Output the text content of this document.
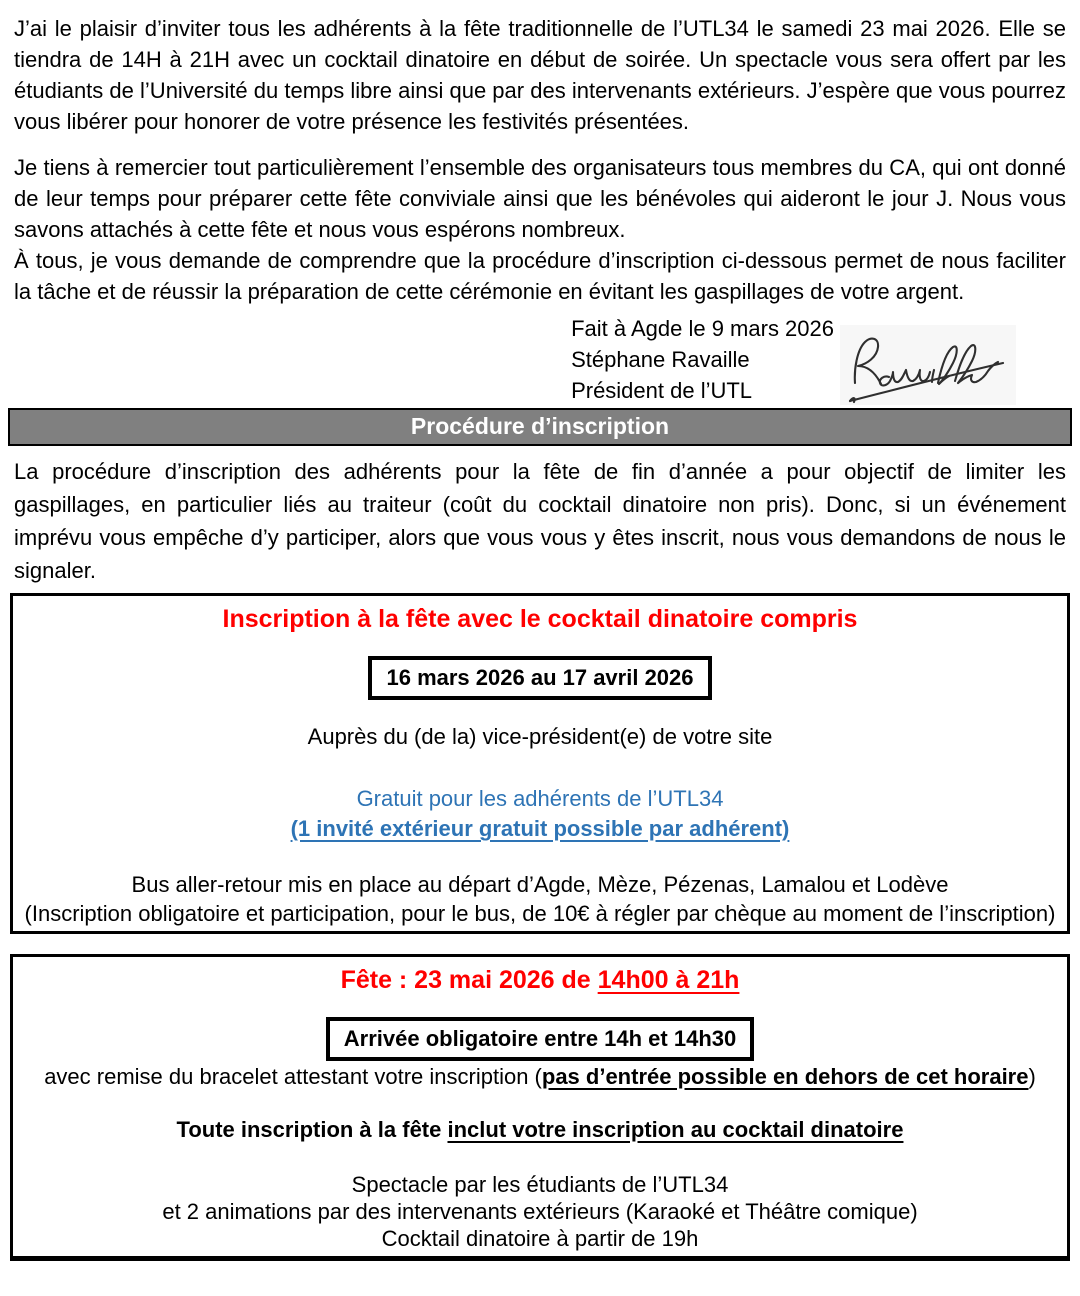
J’ai le plaisir d’inviter tous les adhérents à la fête traditionnelle de l’UTL34 le samedi 23 mai 2026. Elle se tiendra de 14H à 21H avec un cocktail dinatoire en début de soirée. Un spectacle vous sera offert par les étudiants de l’Université du temps libre ainsi que par des intervenants extérieurs. J’espère que vous pourrez vous libérer pour honorer de votre présence les festivités présentées.

Je tiens à remercier tout particulièrement l’ensemble des organisateurs tous membres du CA, qui ont donné de leur temps pour préparer cette fête conviviale ainsi que les bénévoles qui aideront le jour J. Nous vous savons attachés à cette fête et nous vous espérons nombreux.

À tous, je vous demande de comprendre que la procédure d’inscription ci-dessous permet de nous faciliter la tâche et de réussir la préparation de cette cérémonie en évitant les gaspillages de votre argent.

Fait à Agde le 9 mars 2026
Stéphane Ravaille
Président de l’UTL
Procédure d’inscription

La procédure d’inscription des adhérents pour la fête de fin d’année a pour objectif de limiter les gaspillages, en particulier liés au traiteur (coût du cocktail dinatoire non pris). Donc, si un événement imprévu vous empêche d’y participer, alors que vous vous y êtes inscrit, nous vous demandons de nous le signaler.

Inscription à la fête avec le cocktail dinatoire compris
16 mars 2026 au 17 avril 2026
Auprès du (de la) vice-président(e) de votre site
Gratuit pour les adhérents de l’UTL34
(1 invité extérieur gratuit possible par adhérent)
Bus aller-retour mis en place au départ d’Agde, Mèze, Pézenas, Lamalou et Lodève
(Inscription obligatoire et participation, pour le bus, de 10€ à régler par chèque au moment de l’inscription)
Fête : 23 mai 2026 de 14h00 à 21h
Arrivée obligatoire entre 14h et 14h30
avec remise du bracelet attestant votre inscription (pas d’entrée possible en dehors de cet horaire)
Toute inscription à la fête inclut votre inscription au cocktail dinatoire
Spectacle par les étudiants de l’UTL34
et 2 animations par des intervenants extérieurs (Karaoké et Théâtre comique)
Cocktail dinatoire à partir de 19h
